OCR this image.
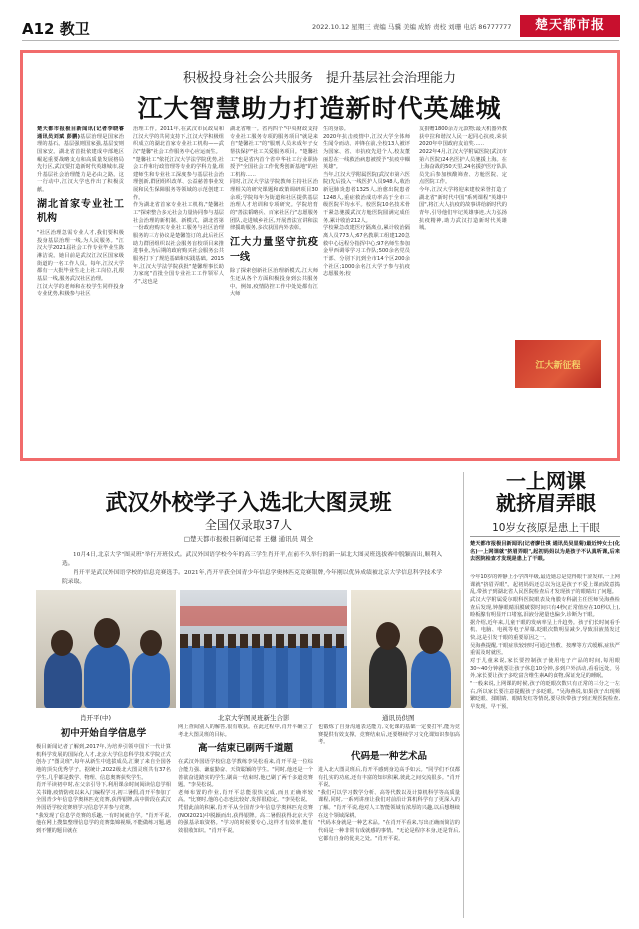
A12 教卫	2022.10.12 星期三 责编 马骥 美编 成娇 责校 刘珊 电话 86777777	楚天都市报
积极投身社会公共服务　提升基层社会治理能力
江大智慧助力打造新时代英雄城
楚天都市报极目新闻讯(记者李晓睿 通讯员刘斌 彭鹏)基层治理是国家治理的基石。基层强则国家强,基层安则国家安。湖北省首批依建成中部地区崛起重要战略支点和高质量发展格局先行区,武汉要打造新时代英雄城市,提升基层社会治理能力是必由之路。这一行动中,江汉大学也作出了积极贡献。
湖北首家专业社工机构

"社区治理急需专业人才,我们要积极投身基层治理一线,为人民服务。"江汉大学2021届社会工作专业毕业生陈淋洁说。她目前是武汉江汉区国家级街道的一名工作人员。每年,江汉大学都有一大批毕业生走上社工岗位,扎根基层一线,服务武汉社区治理。

江汉大学的老师和在校学生同样投身专业优势,积极参与社区

治理工作。2011年,在武汉市民政局和江汉大学的共同支持下,江汉大学积极组织成立的湖北首家专业社工机构——武汉"楚馨"社会工作服务中心应运而生。

"楚馨社工"依托江汉大学法学院优势,社会工作和行政管理等专业的学科力量,组建师生和专业社工深度参与基层社会治理创新,群团组织改革、公益慈善事业发展和民生保障服务等领域的示范创建工作。

作为湖北省首家专业社工机构,"楚馨社工"探索整合多元社会力量协同参与基层社会治理的新机制、新模式。湖北省第一份政府购买专业社工服务与社区治理服务的三方协议是楚馨签订的,此后社区助力群团组织以社会服务盲校项目来推进事业,为后期的政府购买社会服务公共服务打下了规范基础和实践基础。2015年,江汉大学法学院获批"楚馨理事长助力家庭"首批全国专业社工工作领军人才",这也是

湖北省唯一。省内四个"中央财政支持专业社工服务专项的服务项目"就是来自"楚馨社工"的"服刑人员未成年子女帮扶保护"社工关爱服务项目。"楚馨社工"也是省内首个省中华社工行业职协授予"全国社会工作优秀创新基地"的社工机构……

同时,江汉大学法学院教师主持社区治理相关的研究课题和政策调研项目30余项;学院每年为街道和社区提供基层治理人才培训和专项研究。学院培育的"善法韬略兵、百家社区行"志愿服务团队,走进城乡社区,开展普法宣讲和法律援助服务,多次获国内外表彰。

江大力量坚守抗疫一线

除了探索创新社区治理新模式,江大师生还从各个方面积极投身到公共服务中。例如,疫情防控工作中处处都有江大师

生的身影。

2020年抗击疫情中,江汉大学全体师生闻令而动、冲锋在前,全校13人被评为国家、省、市抗疫先进个人,校友董丽思在一线救治病患被授予"抗疫中帼英雄"。

当年,江汉大学附属医院(武汉市第六医院)先后投入一线医护人员948人,收治新冠肺炎患者1325人,治愈出院患者1248人,重症救治成功率高于全市三级医院平均水平。校医院10名技术骨干紧急驰援武汉方舱医院圆满完成任务,累计收治212人。

学校紧急改建医疗隔离点,累计收治隔离人员773人;67名教职工组建120急救中心远程分指挥中心;97名师生参加金甲西调零学习工作队;500余名党员干部、分别下沉到全市14个区200余个社区;1000余名江大学子参与抗疫志愿服务;校

友捐赠1800余万元款物;最大机器外教获中拉和谐汉人民一起同心抗疫,荣获2020年中国政府友谊奖……

2022年4月,江汉大学附属医院(武汉市第六医院)24名医护人员驰援上海。在上海奋战的50天里,24名援护医疗队队员先后参加核酸筛查、方舱医院、定点医院工作。

今年,江汉大学将迎来建校荣誉打造了湖北省"新时代中国"系列课程"英雄中国",将江大人抗疫的故事讲给新时代的青年,引导他们牢记英雄事迹,大力弘扬抗疫精神,助力武汉打造新时代英雄城。

江大新征程
武汉外校学子入选北大图灵班
全国仅录取37人
□楚天都市报极目新闻记者 王樾 通讯员 周全

10月4日,北京大学"图灵班"举行开班仪式。武汉外国语学校今年的高三学生肖开平,在前不久举行的新一届北大图灵班选拔赛中脱颖而出,顺利入选。

肖开平是武汉外国语学校的信息竞赛选手。2021年,肖开平获全国青少年信息学奥林匹克竞赛银牌,今年刚以优异成绩被北京大学信息科学技术学院录取。

肖开平(中)	北京大学图灵班新生合影	通讯员供图
初中开始自学信息学

极目新闻记者了解到,2017年,为培养引领中国下一代计算机科学发展的国际化人才,北京大学信息科学技术学院正式创办了"图灵班",每年从新生中选拔成员,汇聚了来自全国各地的顶尖优秀学子。据统计,2022级北大图灵班共有37名学生,几乎都是数学、物理、信息奥赛获奖学生。

肖开平读初中时,在父亲引导下,利用课余时间阅读信息学相关书籍,疫情防疫以来入门编程学习,初三暑假,肖开平参加了全国青少年信息学奥林匹克竞赛,获得银牌,高中阶段在武汉外国语学校竞赛班学习信息学并参与竞赛。

"我发现了信息学竞赛的乐趣,一有时间就自学。"肖开平说,他在网上搜集整理信息学的竞赛集锦视频,不能做练习题,遇到不懂的题目就在

网上查阅别人的解答,很有收获。在此过程中,肖开平确立了考北大图灵班的目标。

高一结束已刷两千道题

在武汉外国语学校信息学教练李昊松看来,肖开平是一位综合能力强、谦虚勤奋、天资聪颖的学生。"同时,他还是一个善欲奋进踏实的学生,刷高一结束时,他已刷了两千多道竞赛题。"李昊松说。

老师布置的作业,肖开平总能很快完成,而且正确率较高。"比赛时,他的心态也比较好,发挥很稳定。"李昊松说。

凭借此前的积累,肖开平从全国青少年信息学奥林匹克竞赛(NOI2021)中脱颖而出,获得银牌。高二暑假获得北京大学的强基录取资格。"学习的时候要专心,这样才有效率,能有效很收知识。"肖开平说。

也锻炼了自身沟通表达能力,文化课的基础一定要打牢,能为竞赛提供有效支撑。竞赛结束后,还要继续学习文化课知识参加高考。

代码是一种艺术品

进入北大图灵班后,肖开平感到身边高手如云。"同学们不仅都有扎实的功底,还有丰富的知识积累,彼此之间交流很多。"肖开平说。

"我们可以学习数学分析、高等代数以及计算机科学等高质量课程,同时,一系列讲座让我们对前沿计算机科学有了更深入的了解。"肖开平说,他对人工智能领域有浓厚的兴趣,以后想继续在这个领域深耕。

"代码本身就是一种艺术品。"在肖开平看来,写出正确而简洁的代码是一种非常有成就感的事情。"无论是程序本身,还是背后,它都有自身的优美之处。"肖开平说。

一上网课
就挤眉弄眼
10岁女孩原是患上干眼
楚天都市报极目新闻讯(记者廖仕祺 通讯员吴显菊)最近钟女士(化名)一上网课就"挤眉弄眼",起初妈妈以为是孩子不认真听课,后来去医院检查才发现是患上了干眼。

今年10岁的钟静上小学四年级,最近她总是觉得眼干涩发痒,一上网课就"挤眉弄眼"。起初妈妈还总以为这是孩子不爱上课而故意捣乱,带孩子到湖北省人民医院检查后才发现孩子的眼睛出了问题。

武汉大学附属爱尔眼科医院眼表及角膜专科副主任医师吴海燕检查后发现,钟静眼睛泪膜破裂时间只有4秒(正常值应在10秒以上),睑板腺有明显开口堵塞,泪液分泌量也偏少,诊断为干眼。

据介绍,近年来,儿童干眼的发病率呈上升趋势。孩子们长时间看手机、电脑、电视等电子屏幕,眨眼次数明显减少,导致泪液蒸发过快,这是引发干眼的重要原因之一。

吴海燕提醒,干眼症状较轻时可通过热敷、按摩等方式缓解,症状严重需及时就医。

对于儿童来说,家长要控制孩子使用电子产品的时间,每用眼30~40分钟就要让孩子休息10分钟,多到户外活动,看看远处。另外,家长要让孩子多吃富含维生素A的食物,保证充足的睡眠。

"一般来说,上网课的时候,孩子的眨眼次数只有正常的三分之一左右,所以家长要注意提醒孩子多眨眼。"吴海燕说,如果孩子出现频繁眨眼、揉眼睛、眼睛发红等情况,要尽快带孩子到正规医院检查,早发现、早干预。
